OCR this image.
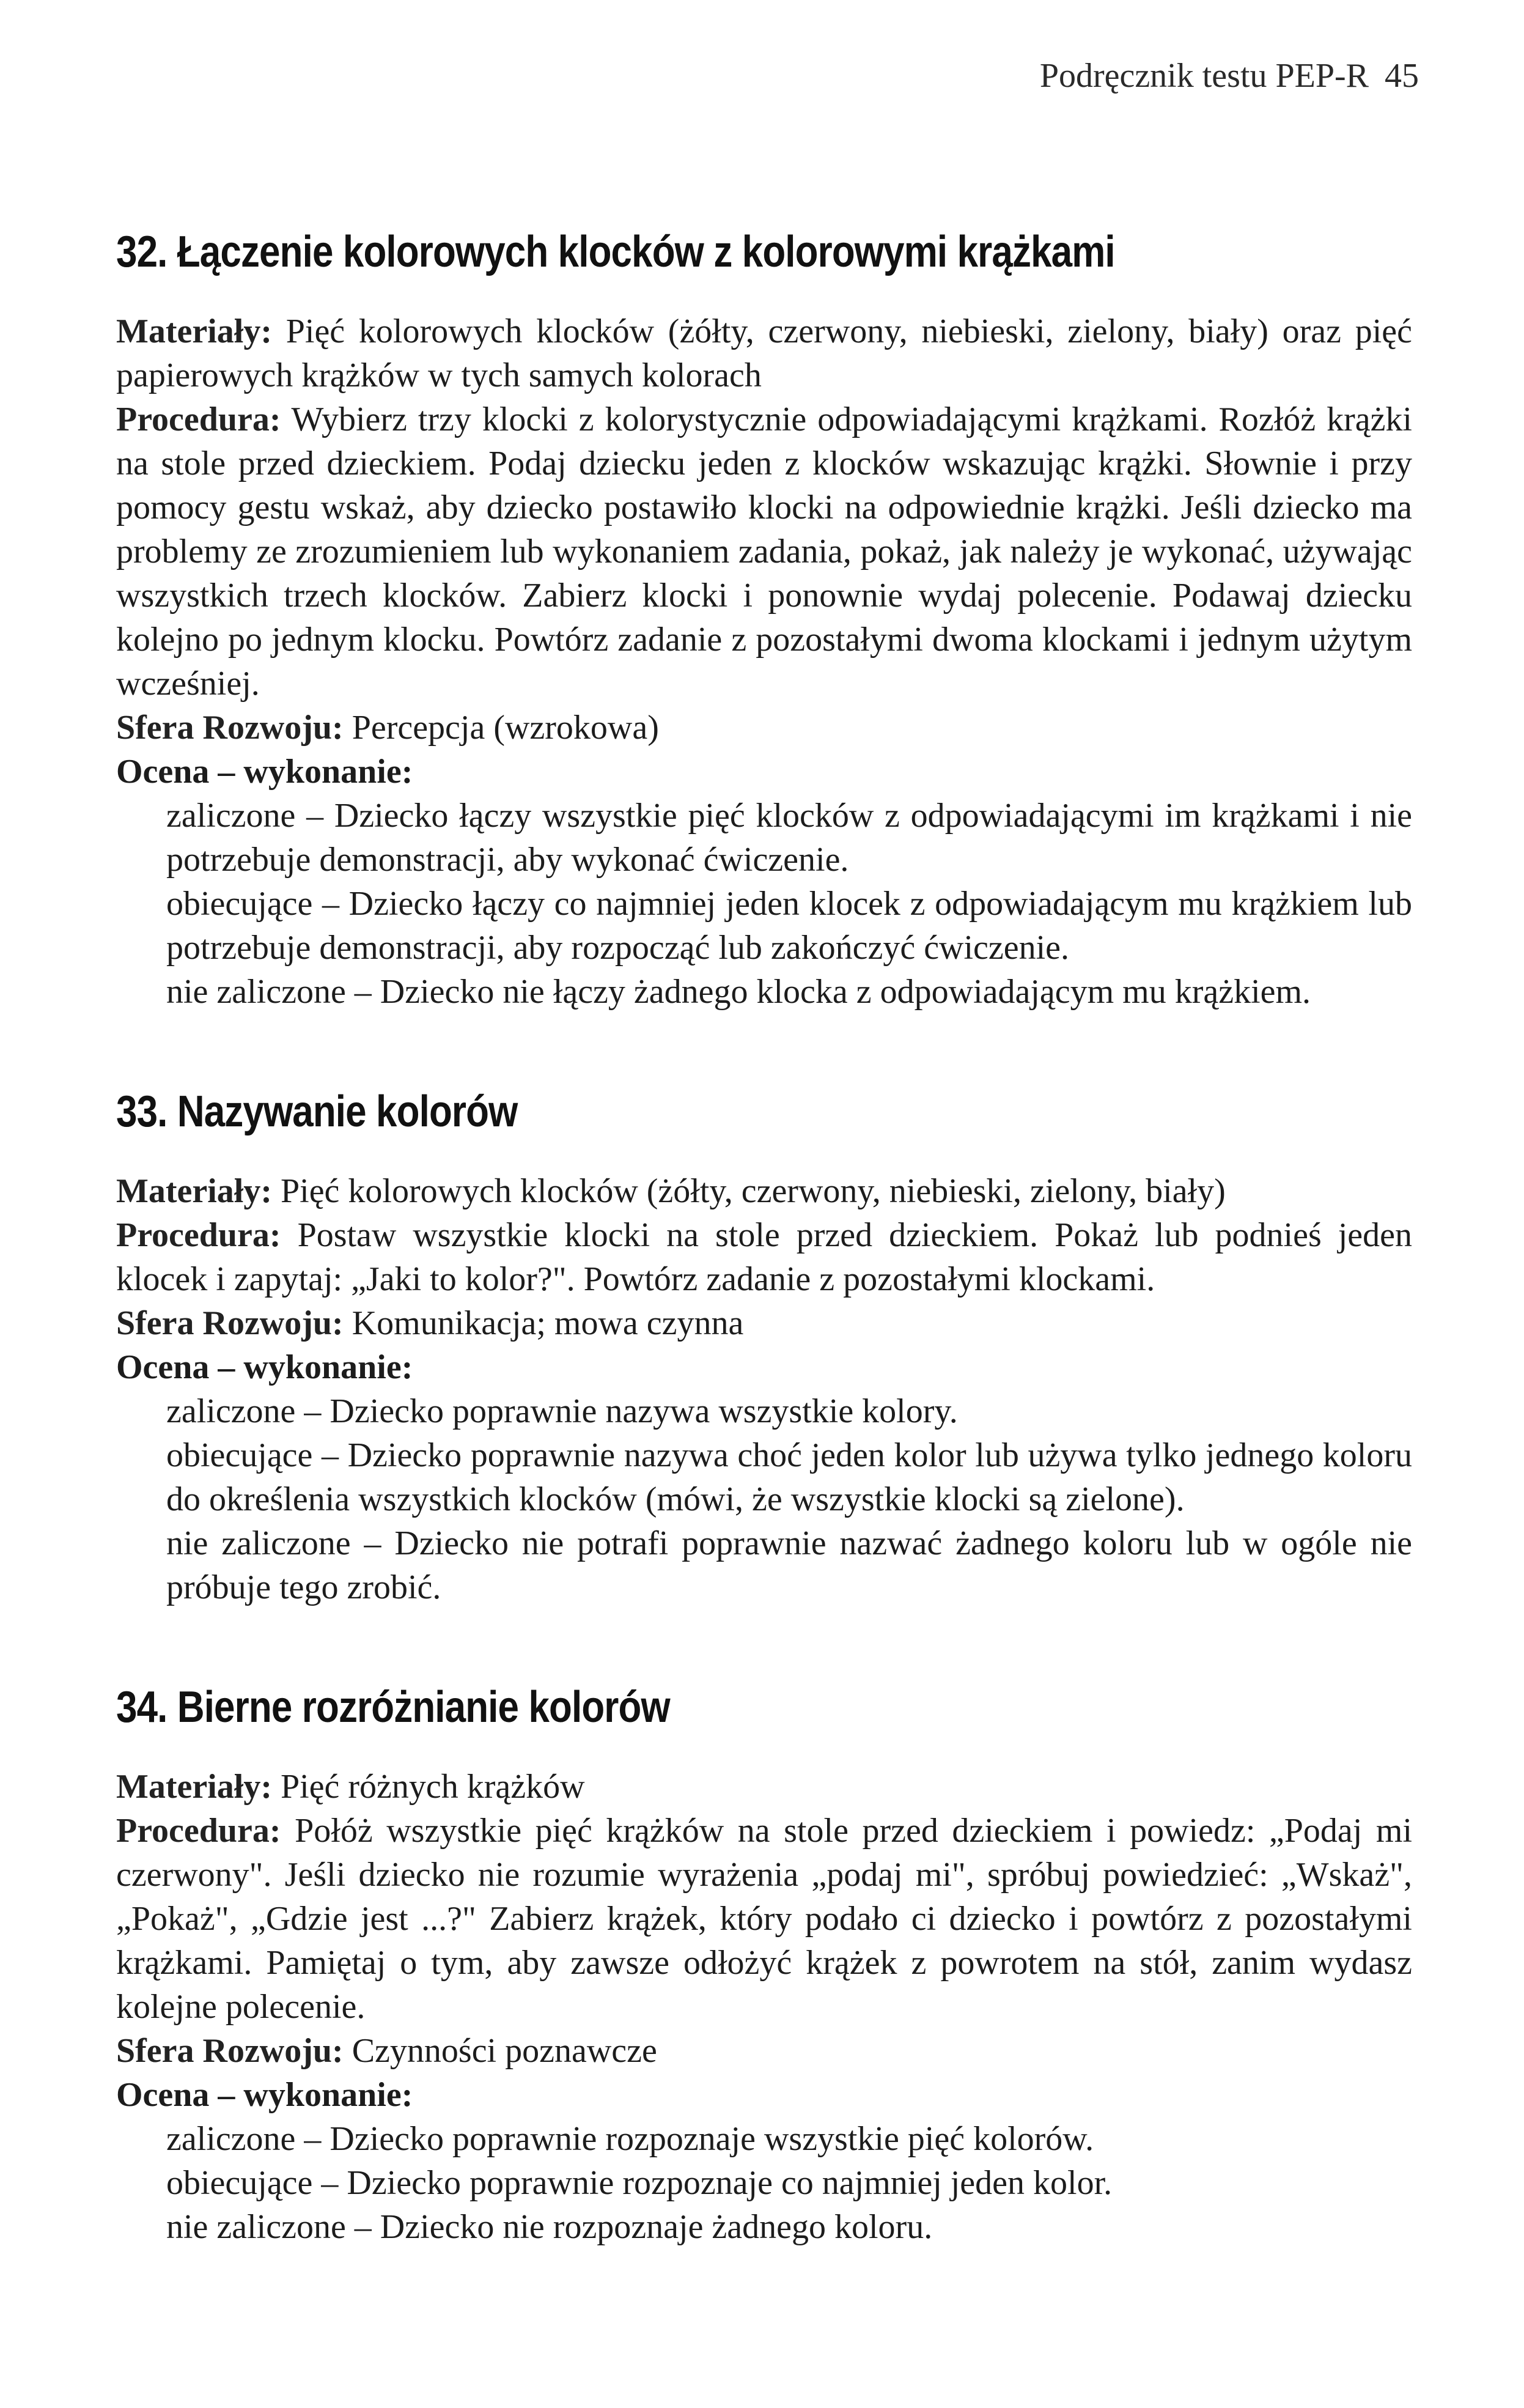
Podręcznik testu PEP-R 45
32. Łączenie kolorowych klocków z kolorowymi krążkami

Materiały: Pięć kolorowych klocków (żółty, czerwony, niebieski, zielony, biały) oraz pięć papierowych krążków w tych samych kolorach

Procedura: Wybierz trzy klocki z kolorystycznie odpowiadającymi krążkami. Rozłóż krążki na stole przed dzieckiem. Podaj dziecku jeden z klocków wskazując krążki. Słownie i przy pomocy gestu wskaż, aby dziecko postawiło klocki na odpowiednie krążki. Jeśli dziecko ma problemy ze zrozumieniem lub wykonaniem zadania, pokaż, jak należy je wykonać, używając wszystkich trzech klocków. Zabierz klocki i ponownie wydaj polecenie. Podawaj dziecku kolejno po jednym klocku. Powtórz zadanie z pozostałymi dwoma klockami i jednym użytym wcześniej.

Sfera Rozwoju: Percepcja (wzrokowa)

Ocena – wykonanie:

zaliczone – Dziecko łączy wszystkie pięć klocków z odpowiadającymi im krążkami i nie potrzebuje demonstracji, aby wykonać ćwiczenie.
obiecujące – Dziecko łączy co najmniej jeden klocek z odpowiadającym mu krążkiem lub potrzebuje demonstracji, aby rozpocząć lub zakończyć ćwiczenie.
nie zaliczone – Dziecko nie łączy żadnego klocka z odpowiadającym mu krążkiem.
33. Nazywanie kolorów

Materiały: Pięć kolorowych klocków (żółty, czerwony, niebieski, zielony, biały)

Procedura: Postaw wszystkie klocki na stole przed dzieckiem. Pokaż lub podnieś jeden klocek i zapytaj: „Jaki to kolor?". Powtórz zadanie z pozostałymi klockami.

Sfera Rozwoju: Komunikacja; mowa czynna

Ocena – wykonanie:

zaliczone – Dziecko poprawnie nazywa wszystkie kolory.
obiecujące – Dziecko poprawnie nazywa choć jeden kolor lub używa tylko jednego koloru do określenia wszystkich klocków (mówi, że wszystkie klocki są zielone).
nie zaliczone – Dziecko nie potrafi poprawnie nazwać żadnego koloru lub w ogóle nie próbuje tego zrobić.
34. Bierne rozróżnianie kolorów

Materiały: Pięć różnych krążków

Procedura: Połóż wszystkie pięć krążków na stole przed dzieckiem i powiedz: „Podaj mi czerwony". Jeśli dziecko nie rozumie wyrażenia „podaj mi", spróbuj powiedzieć: „Wskaż", „Pokaż", „Gdzie jest ...?" Zabierz krążek, który podało ci dziecko i powtórz z pozostałymi krążkami. Pamiętaj o tym, aby zawsze odłożyć krążek z powrotem na stół, zanim wydasz kolejne polecenie.

Sfera Rozwoju: Czynności poznawcze

Ocena – wykonanie:

zaliczone – Dziecko poprawnie rozpoznaje wszystkie pięć kolorów.
obiecujące – Dziecko poprawnie rozpoznaje co najmniej jeden kolor.
nie zaliczone – Dziecko nie rozpoznaje żadnego koloru.
